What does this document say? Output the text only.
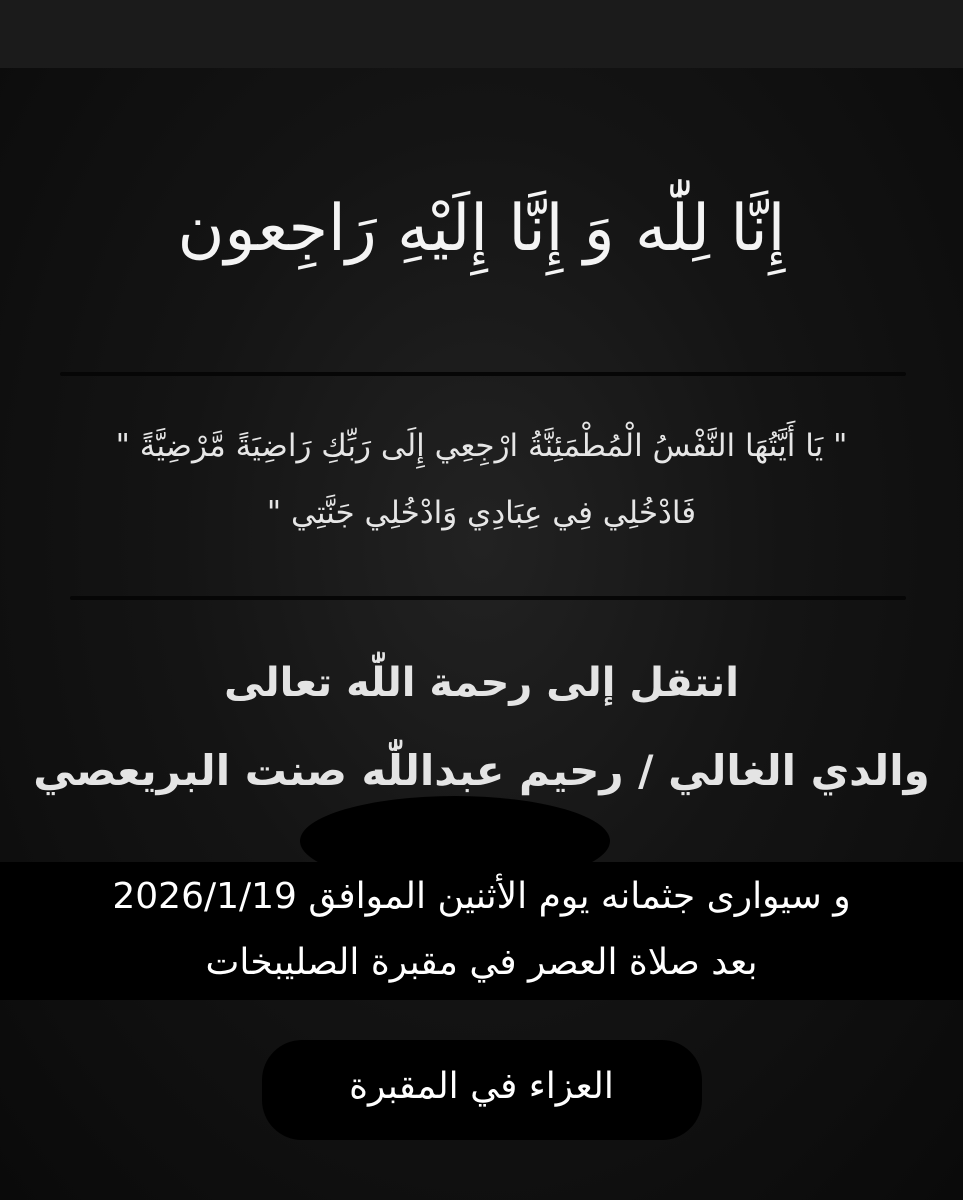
إِنَّا لِلّٰه وَ إِنَّا إِلَيْهِ رَاجِعون
" يَا أَيَّتُهَا النَّفْسُ الْمُطْمَئِنَّةُ ارْجِعِي إِلَى رَبِّكِ رَاضِيَةً مَّرْضِيَّةً "
فَادْخُلِي فِي عِبَادِي وَادْخُلِي جَنَّتِي "
انتقل إلى رحمة اللّٰه تعالى
والدي الغالي / رحيم عبداللّٰه صنت البريعصي
و سيوارى جثمانه يوم الأثنين الموافق 2026/1/19
بعد صلاة العصر في مقبرة الصليبخات
العزاء في المقبرة
